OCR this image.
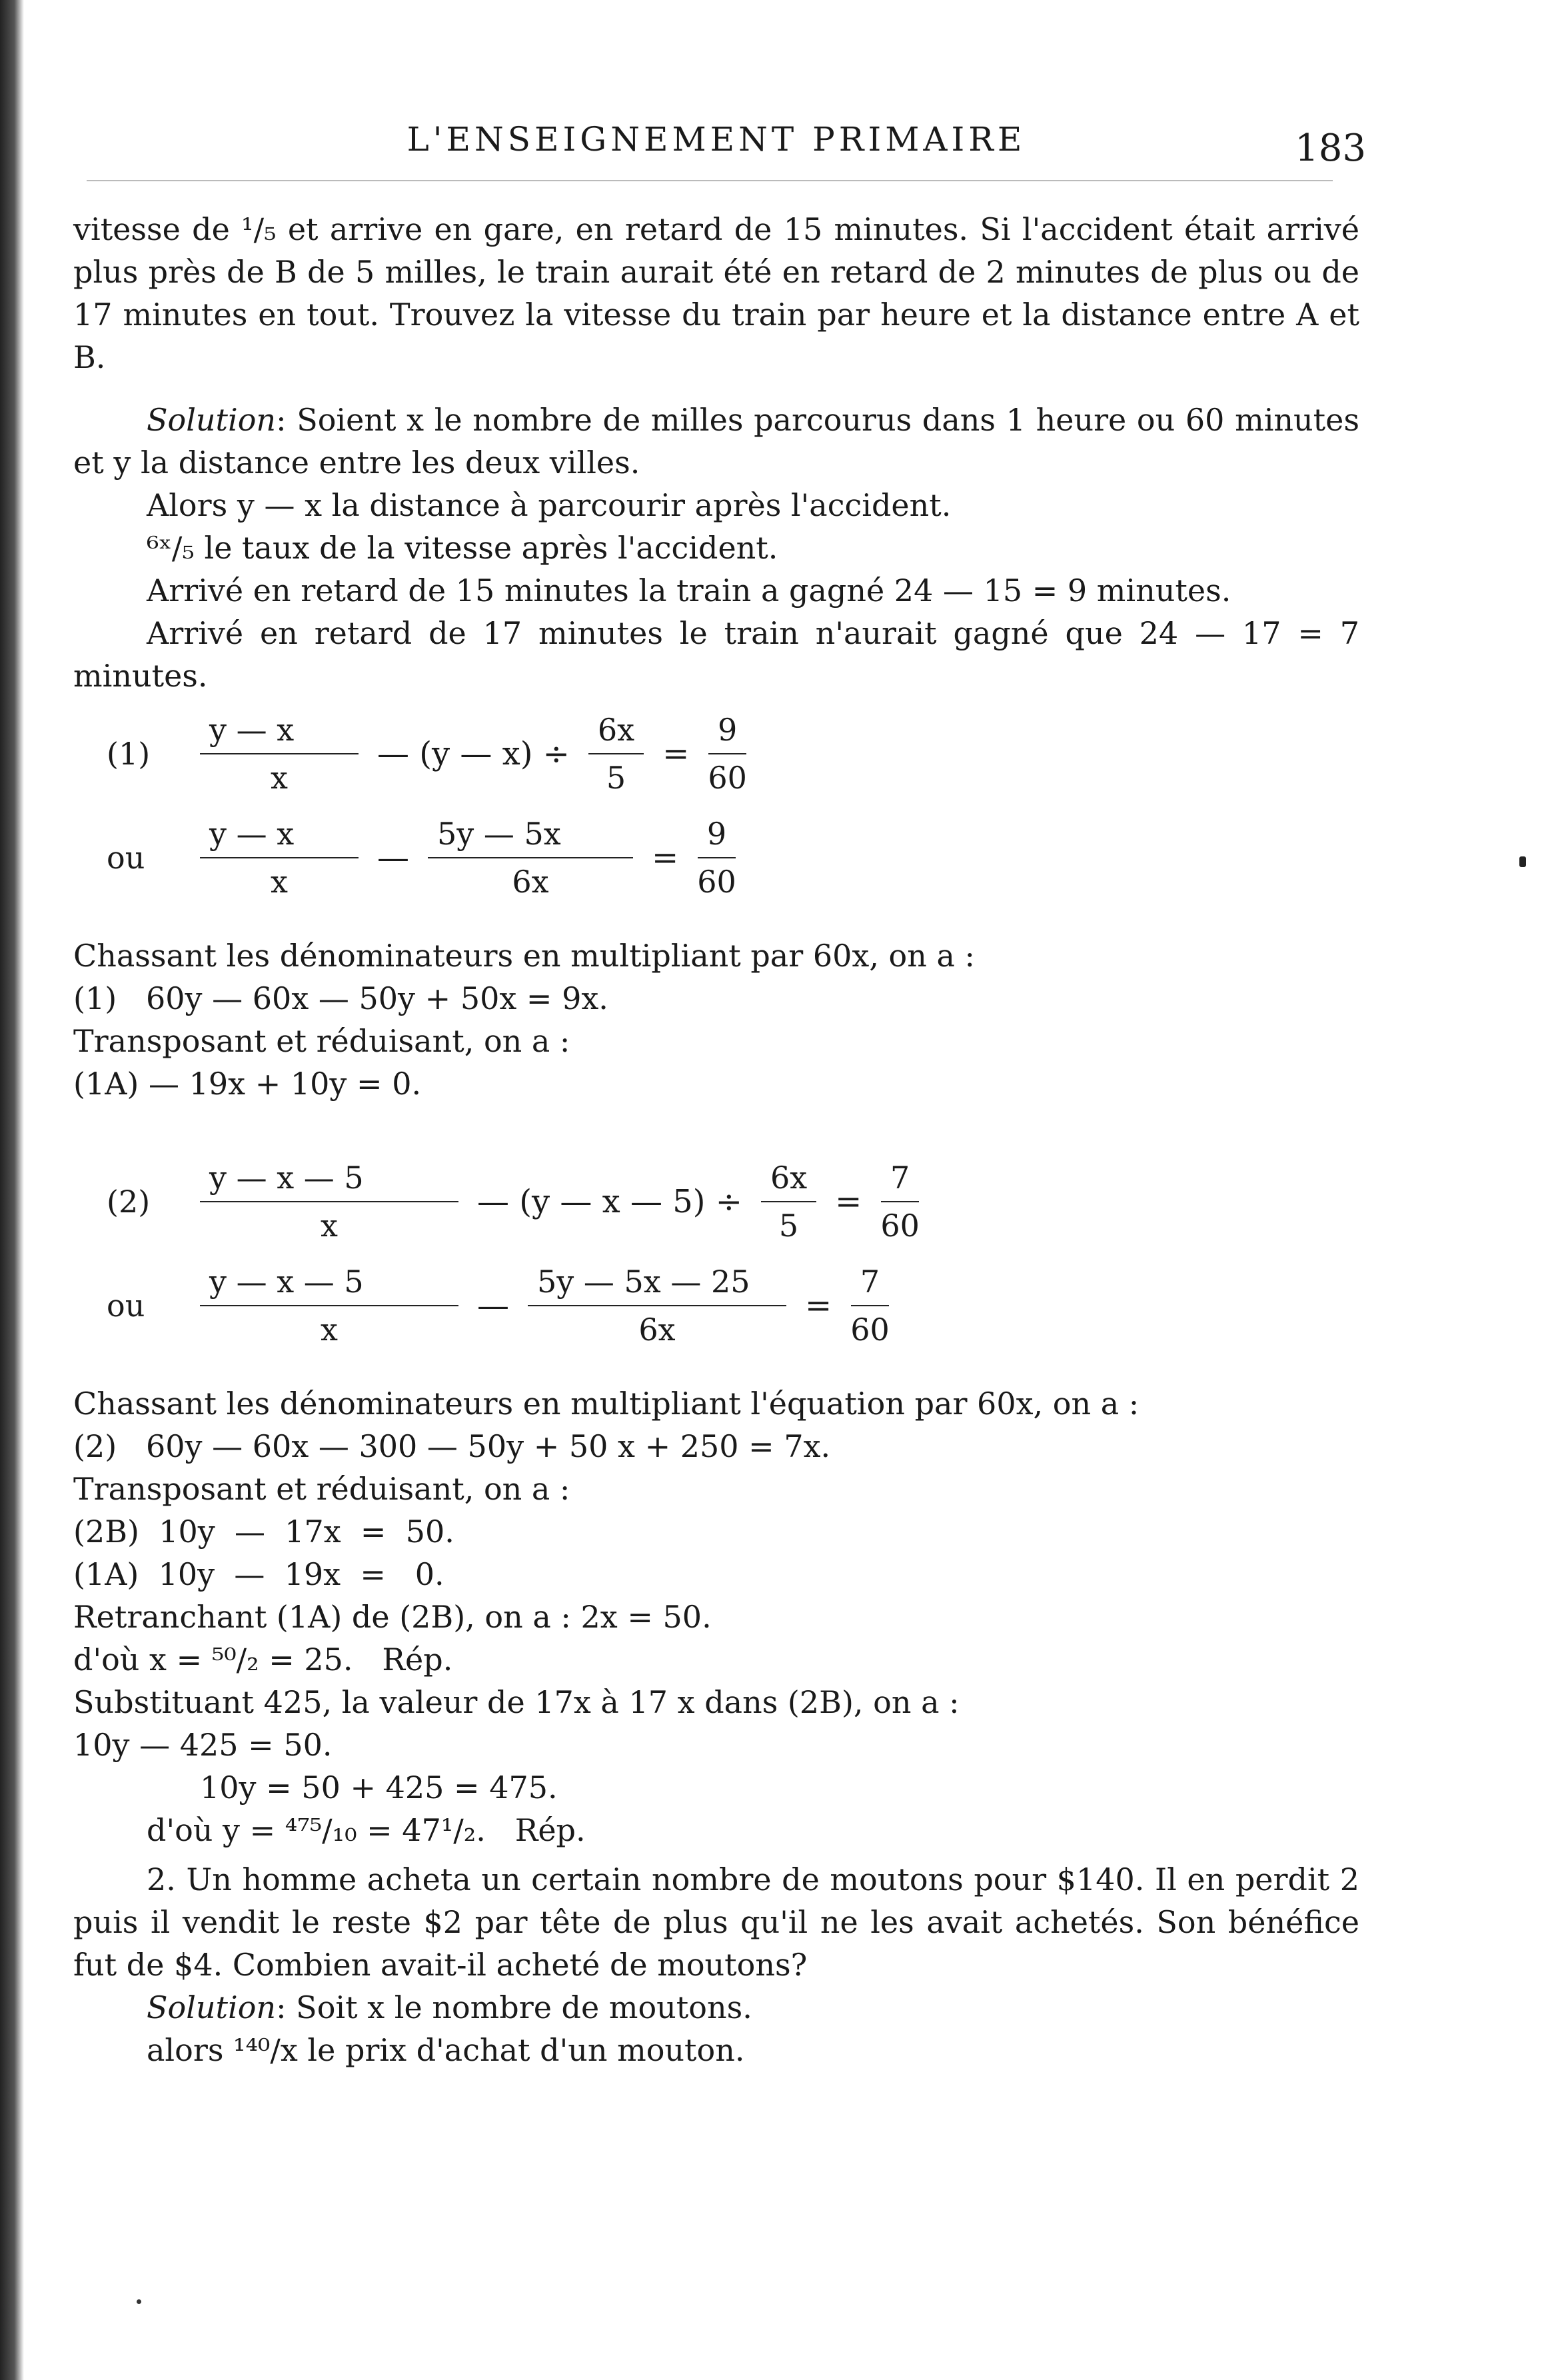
L'ENSEIGNEMENT PRIMAIRE	183

vitesse de ¹/₅ et arrive en gare, en retard de 15 minutes. Si l'accident était arrivé plus près de B de 5 milles, le train aurait été en retard de 2 minutes de plus ou de 17 minutes en tout. Trouvez la vitesse du train par heure et la distance entre A et B.

Solution: Soient x le nombre de milles parcourus dans 1 heure ou 60 minutes et y la distance entre les deux villes.

Alors y — x la distance à parcourir après l'accident.

⁶ˣ/₅ le taux de la vitesse après l'accident.

Arrivé en retard de 15 minutes la train a gagné 24 — 15 = 9 minutes.

Arrivé en retard de 17 minutes le train n'aurait gagné que 24 — 17 = 7 minutes.

(1)	$\frac{y — x}{x}$ — (y — $x) \div \frac{6x}{5} = \frac{9}{60}$
ou	$\frac{y — x}{x}$ — $\frac{5y — 5x}{6x} = \frac{9}{60}$

Chassant les dénominateurs en multipliant par 60x, on a :

(1)   60y — 60x — 50y + 50x = 9x.

Transposant et réduisant, on a :

(1A) — 19x + 10y = 0.

(2)	$\frac{y — x — 5}{x}$ — (y — x — $5) \div \frac{6x}{5} = \frac{7}{60}$
ou	$\frac{y — x — 5}{x}$ — $\frac{5y — 5x — 25}{6x} = \frac{7}{60}$

Chassant les dénominateurs en multipliant l'équation par 60x, on a :

(2)   60y — 60x — 300 — 50y + 50 x + 250 = 7x.

Transposant et réduisant, on a :

(2B)  10y  —  17x  =  50.

(1A)  10y  —  19x  =   0.

Retranchant (1A) de (2B), on a : 2x = 50.

d'où x = ⁵⁰/₂ = 25.   Rép.

Substituant 425, la valeur de 17x à 17 x dans (2B), on a :

10y — 425 = 50.

10y = 50 + 425 = 475.

d'où y = ⁴⁷⁵/₁₀ = 47¹/₂.   Rép.

2. Un homme acheta un certain nombre de moutons pour $140. Il en perdit 2 puis il vendit le reste $2 par tête de plus qu'il ne les avait achetés. Son bénéfice fut de $4. Combien avait-il acheté de moutons?

Solution: Soit x le nombre de moutons.

alors ¹⁴⁰/x le prix d'achat d'un mouton.
